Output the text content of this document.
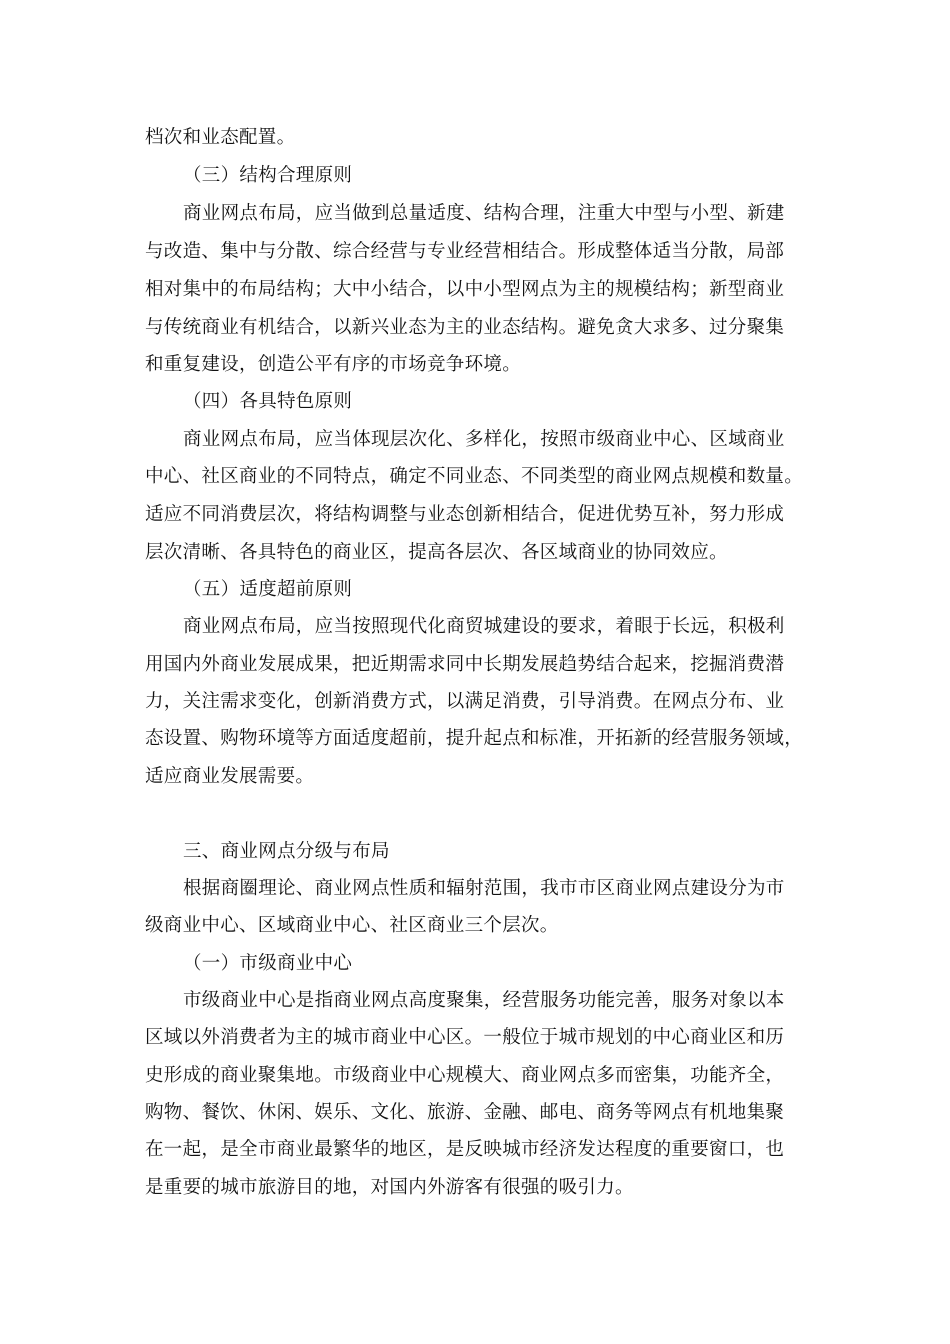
档次和业态配置。
（三）结构合理原则
商业网点布局，应当做到总量适度、结构合理，注重大中型与小型、新建
与改造、集中与分散、综合经营与专业经营相结合。形成整体适当分散，局部
相对集中的布局结构；大中小结合，以中小型网点为主的规模结构；新型商业
与传统商业有机结合，以新兴业态为主的业态结构。避免贪大求多、过分聚集
和重复建设，创造公平有序的市场竞争环境。
（四）各具特色原则
商业网点布局，应当体现层次化、多样化，按照市级商业中心、区域商业
中心、社区商业的不同特点，确定不同业态、不同类型的商业网点规模和数量。
适应不同消费层次，将结构调整与业态创新相结合，促进优势互补，努力形成
层次清晰、各具特色的商业区，提高各层次、各区域商业的协同效应。
（五）适度超前原则
商业网点布局，应当按照现代化商贸城建设的要求，着眼于长远，积极利
用国内外商业发展成果，把近期需求同中长期发展趋势结合起来，挖掘消费潜
力，关注需求变化，创新消费方式，以满足消费，引导消费。在网点分布、业
态设置、购物环境等方面适度超前，提升起点和标准，开拓新的经营服务领域，
适应商业发展需要。
三、商业网点分级与布局
根据商圈理论、商业网点性质和辐射范围，我市市区商业网点建设分为市
级商业中心、区域商业中心、社区商业三个层次。
（一）市级商业中心
市级商业中心是指商业网点高度聚集，经营服务功能完善，服务对象以本
区域以外消费者为主的城市商业中心区。一般位于城市规划的中心商业区和历
史形成的商业聚集地。市级商业中心规模大、商业网点多而密集，功能齐全，
购物、餐饮、休闲、娱乐、文化、旅游、金融、邮电、商务等网点有机地集聚
在一起，是全市商业最繁华的地区，是反映城市经济发达程度的重要窗口，也
是重要的城市旅游目的地，对国内外游客有很强的吸引力。
